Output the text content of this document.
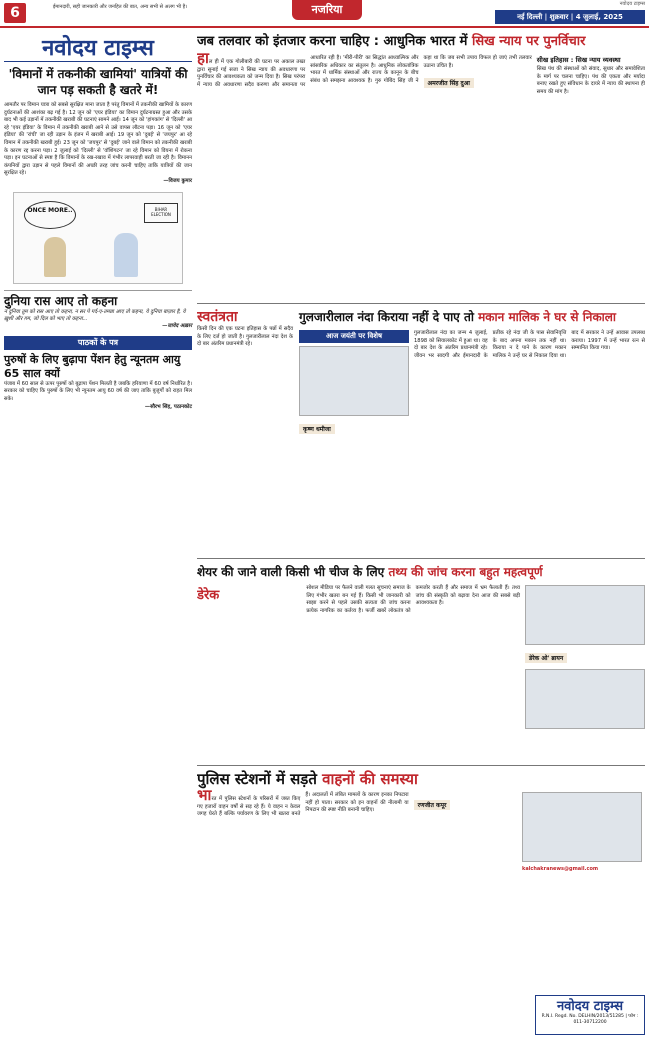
6	ईमानदारी, सही जानकारी और जनहित की बात, अन्य सभी से अलग भी है।	नजरिया	नवोदय टाइम्स
नई दिल्ली | शुक्रवार | 4 जुलाई, 2025
नवोदय टाइम्स
'विमानों में तकनीकी खामियां' यात्रियों की जान पड़ सकती है खतरे में!

आमतौर पर विमान यात्रा को सबसे सुरक्षित माना जाता है परंतु विमानों में तकनीकी खामियों के कारण दुर्घटनाओं की आशंका बढ़ गई है। 12 जून को 'एयर इंडिया' का विमान दुर्घटनाग्रस्त हुआ और उसके बाद भी कई उड़ानों में तकनीकी खराबी की घटनाएं सामने आईं। 14 जून को 'हांगकांग' से 'दिल्ली' आ रहे 'एयर इंडिया' के विमान में तकनीकी खराबी आने से उसे वापस लौटना पड़ा। 16 जून को 'एयर इंडिया' की 'रांची' जा रही उड़ान के इंजन में खराबी आई। 19 जून को 'दुबई' से 'जयपुर' आ रहे विमान में तकनीकी खराबी हुई। 23 जून को 'जयपुर' से 'दुबई' जाने वाले विमान को तकनीकी खराबी के कारण रद्द करना पड़ा। 2 जुलाई को 'दिल्ली' से 'वॉशिंगटन' जा रहे विमान को वियना में रोकना पड़ा। इन घटनाओं से स्पष्ट है कि विमानों के रख-रखाव में गंभीर लापरवाही बरती जा रही है। विमानन कंपनियों द्वारा उड़ान से पहले विमानों की अच्छी तरह जांच करनी चाहिए ताकि यात्रियों की जान सुरक्षित रहे।

—विजय कुमार
ONCE MORE..	BIHAR ELECTION
दुनिया रास आए तो कहना

न दुनिया तुम को रास आए तो कहना, न सर पे गर्द-ए-तमन्ना आए तो कहना, ये दुनिया बाज़ार है, ये ख़ुशी और ग़म, जो दिल को भाए तो कहना...

—जावेद अख़्तर
पाठकों के पत्र
पुरुषों के लिए बुढ़ापा पेंशन हेतु न्यूनतम आयु 65 साल क्यों

पंजाब में 60 साल से ऊपर पुरुषों को बुढ़ापा पेंशन मिलती है जबकि हरियाणा में 60 वर्ष निर्धारित है। सरकार को चाहिए कि पुरुषों के लिए भी न्यूनतम आयु 60 वर्ष की जाए ताकि बुजुर्गों को राहत मिल सके।

—सौरभ सिंह, पठानकोट
जब तलवार को इंतजार करना चाहिए : आधुनिक भारत में सिख न्याय पर पुनर्विचार

हाल ही में एक गोलीबारी की घटना पर अकाल तख्त द्वारा सुनाई गई सजा ने सिख न्याय की अवधारणा पर पुनर्विचार की आवश्यकता को जन्म दिया है। सिख परंपरा में न्याय की अवधारणा सदैव करुणा और समानता पर आधारित रही है। 'मीरी-पीरी' का सिद्धांत आध्यात्मिक और सांसारिक अधिकार का संतुलन है। आधुनिक लोकतांत्रिक भारत में धार्मिक संस्थाओं और राज्य के कानून के बीच संबंध को समझना आवश्यक है। गुरु गोबिंद सिंह जी ने कहा था कि जब सभी उपाय विफल हो जाएं तभी तलवार उठाना उचित है।

अमरजीत सिंह दुआ
सीख इतिहास : सिख न्याय व्यवस्था

सिख पंथ की संस्थाओं को संवाद, सुधार और समावेशिता के मार्ग पर चलना चाहिए। पंथ की एकता और मर्यादा बनाए रखते हुए संविधान के दायरे में न्याय की स्थापना ही समय की मांग है।

स्वतंत्रता

किसी दिन की एक घटना इतिहास के पन्नों में सदैव के लिए दर्ज हो जाती है। गुलजारीलाल नंदा देश के दो बार अंतरिम प्रधानमंत्री रहे।

गुलजारीलाल नंदा किराया नहीं दे पाए तो मकान मालिक ने घर से निकाला
आज जयंती पर विशेष
कृष्ण धमीजा

गुलजारीलाल नंदा का जन्म 4 जुलाई, 1898 को सियालकोट में हुआ था। वह दो बार देश के अंतरिम प्रधानमंत्री रहे। जीवन भर सादगी और ईमानदारी के प्रतीक रहे नंदा जी के पास सेवानिवृत्ति के बाद अपना मकान तक नहीं था। किराया न दे पाने के कारण मकान मालिक ने उन्हें घर से निकाल दिया था। बाद में सरकार ने उन्हें आवास उपलब्ध कराया। 1997 में उन्हें भारत रत्न से सम्मानित किया गया।

शेयर की जाने वाली किसी भी चीज के लिए तथ्य की जांच करना बहुत महत्वपूर्ण
डेरेक	सोशल मीडिया पर फैलने वाली गलत सूचनाएं समाज के लिए गंभीर खतरा बन गई हैं। किसी भी जानकारी को साझा करने से पहले उसकी सत्यता की जांच करना प्रत्येक नागरिक का कर्तव्य है। फर्जी खबरें लोकतंत्र को कमजोर करती हैं और समाज में भ्रम फैलाती हैं। तथ्य जांच की संस्कृति को बढ़ावा देना आज की सबसे बड़ी आवश्यकता है।

डेरेक ओ' ब्रायन
पुलिस स्टेशनों में सड़ते वाहनों की समस्या

भारत में पुलिस स्टेशनों के परिसरों में जब्त किए गए हजारों वाहन वर्षों से सड़ रहे हैं। ये वाहन न केवल जगह घेरते हैं बल्कि पर्यावरण के लिए भी खतरा बनते हैं। अदालतों में लंबित मामलों के कारण इनका निपटारा नहीं हो पाता। सरकार को इन वाहनों की नीलामी या निपटान की स्पष्ट नीति बनानी चाहिए।

रणजीत कपूर
kalchakranews@gmail.com
नवोदय टाइम्स
R.N.I. Regd. No. DELHIN/2013/51285 | फोन : 011-30712200
